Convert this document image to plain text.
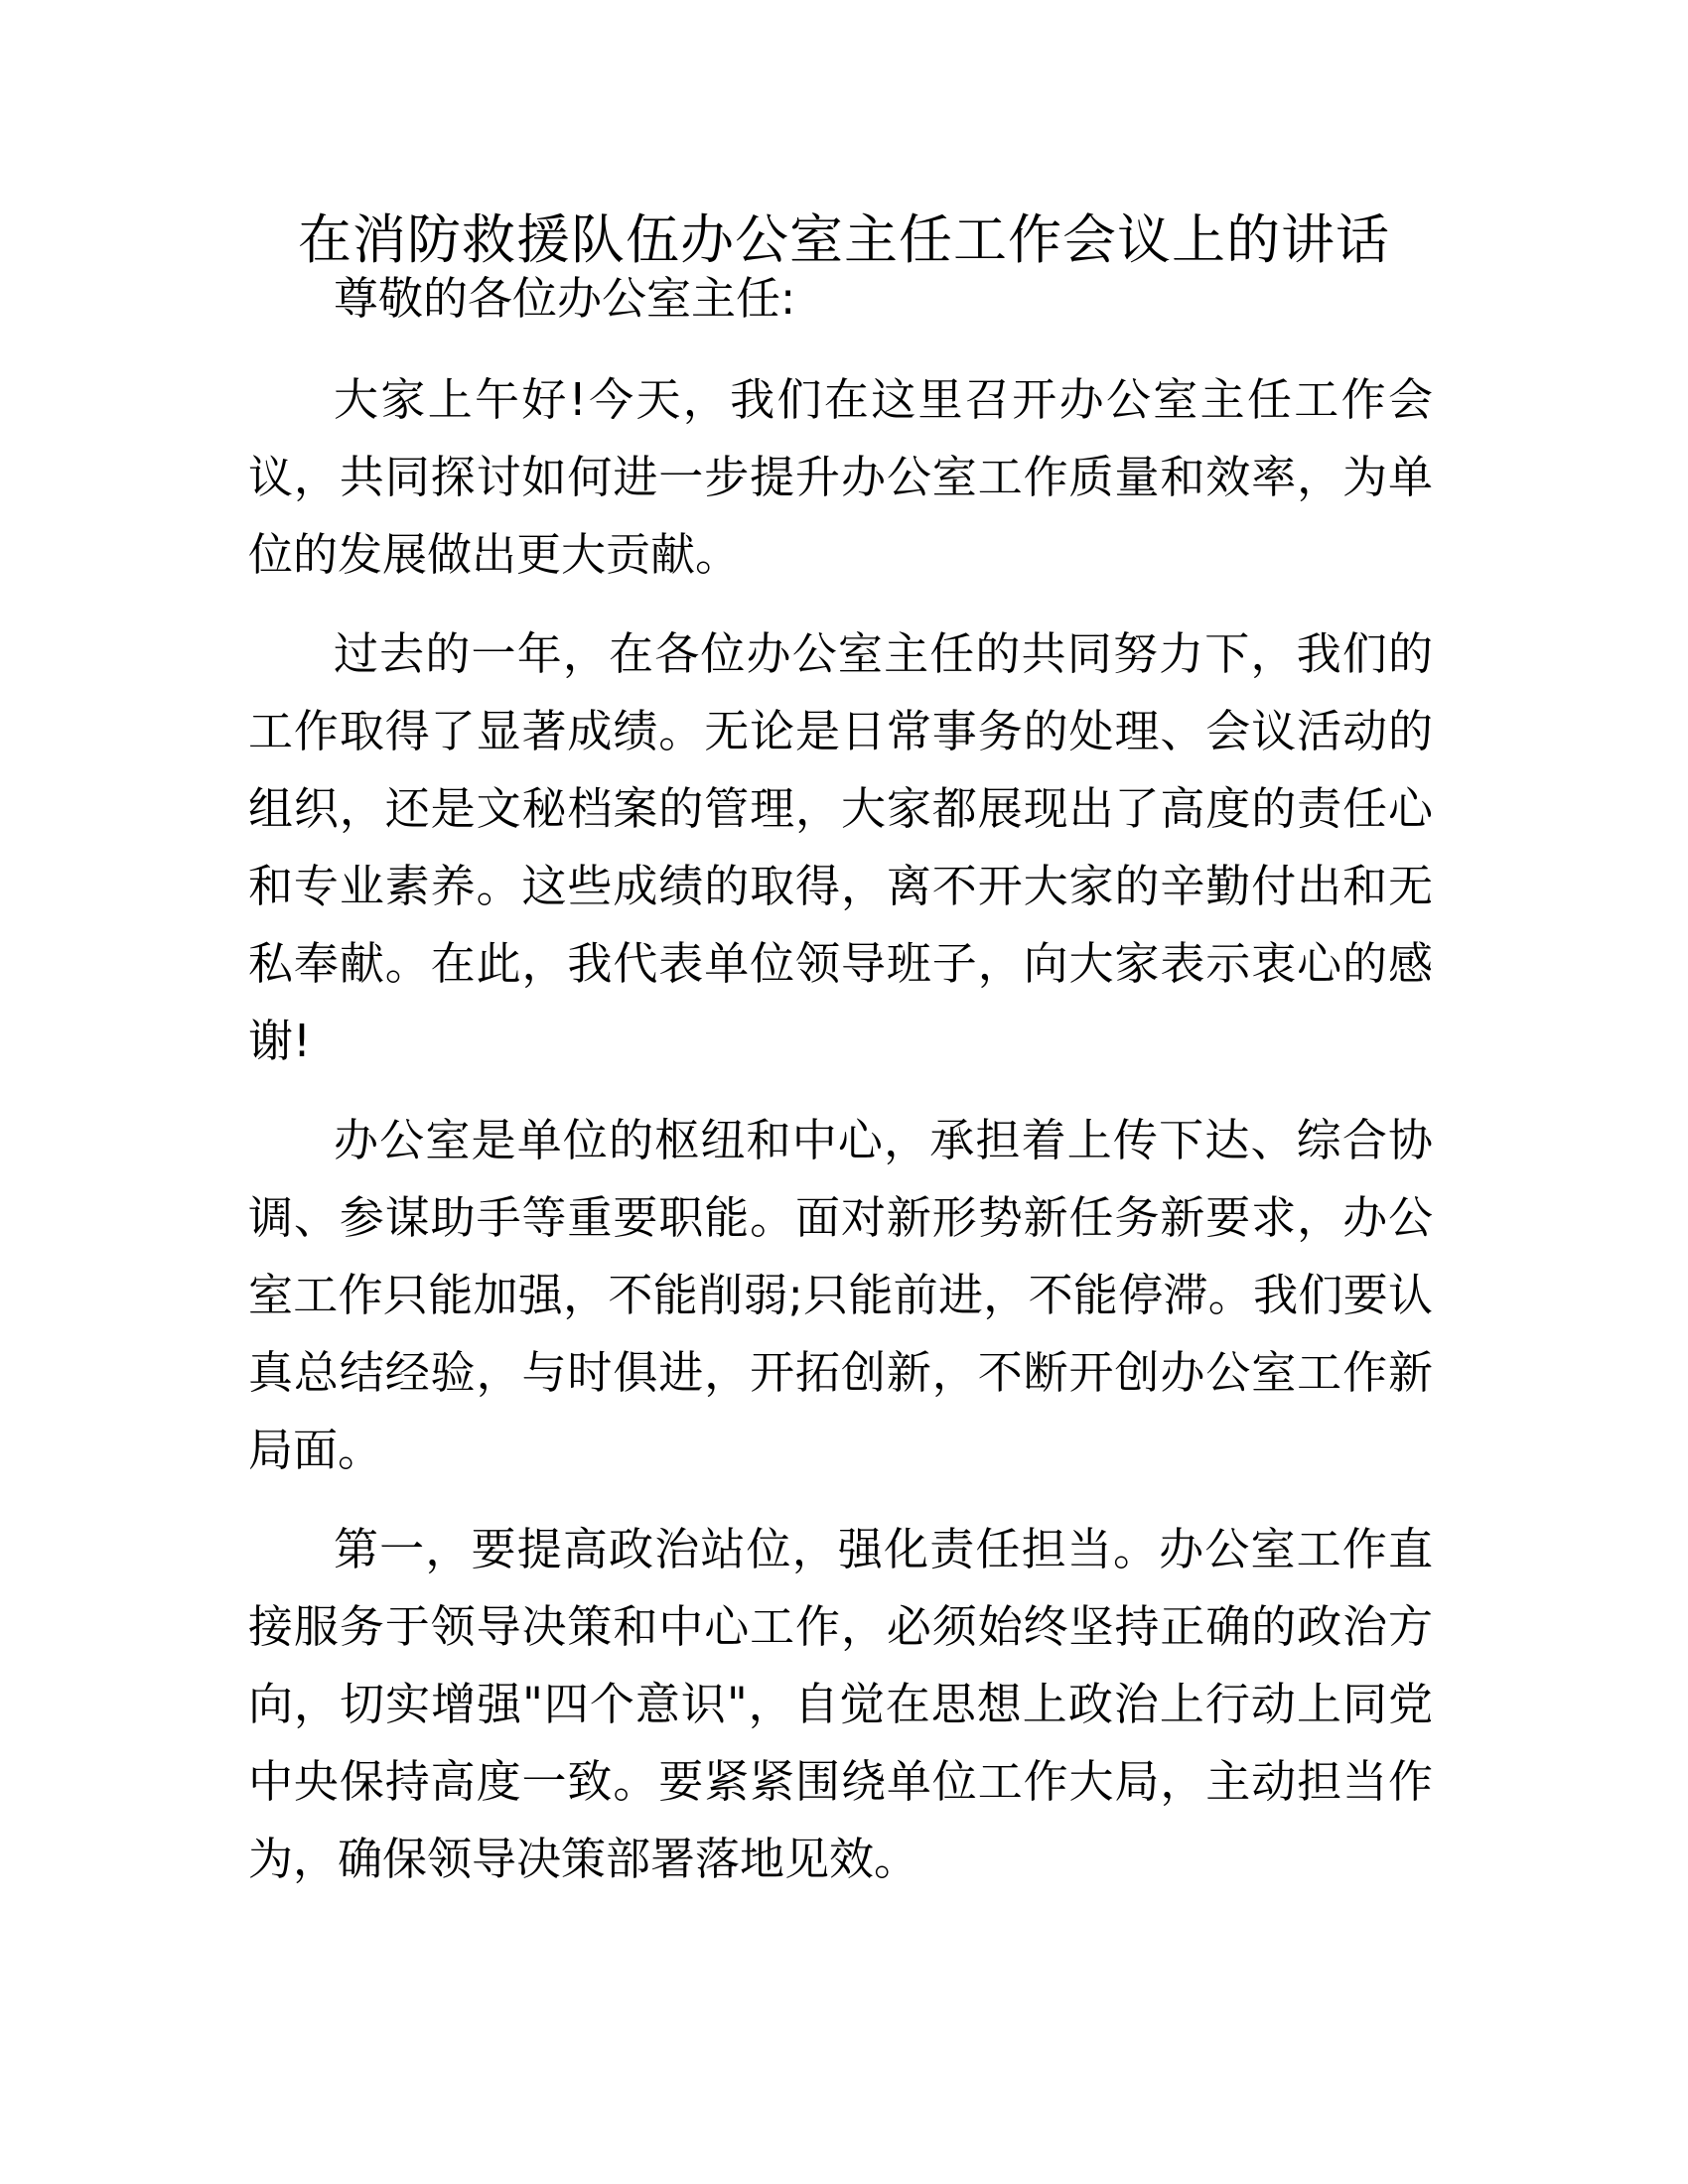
在消防救援队伍办公室主任工作会议上的讲话

尊敬的各位办公室主任:

大家上午好!今天，我们在这里召开办公室主任工作会议，共同探讨如何进一步提升办公室工作质量和效率，为单位的发展做出更大贡献。

过去的一年，在各位办公室主任的共同努力下，我们的工作取得了显著成绩。无论是日常事务的处理、会议活动的组织，还是文秘档案的管理，大家都展现出了高度的责任心和专业素养。这些成绩的取得，离不开大家的辛勤付出和无私奉献。在此，我代表单位领导班子，向大家表示衷心的感谢!

办公室是单位的枢纽和中心，承担着上传下达、综合协调、参谋助手等重要职能。面对新形势新任务新要求，办公室工作只能加强，不能削弱;只能前进，不能停滞。我们要认真总结经验，与时俱进，开拓创新，不断开创办公室工作新局面。

第一，要提高政治站位，强化责任担当。办公室工作直接服务于领导决策和中心工作，必须始终坚持正确的政治方向，切实增强"四个意识"，自觉在思想上政治上行动上同党中央保持高度一致。要紧紧围绕单位工作大局，主动担当作为，确保领导决策部署落地见效。
